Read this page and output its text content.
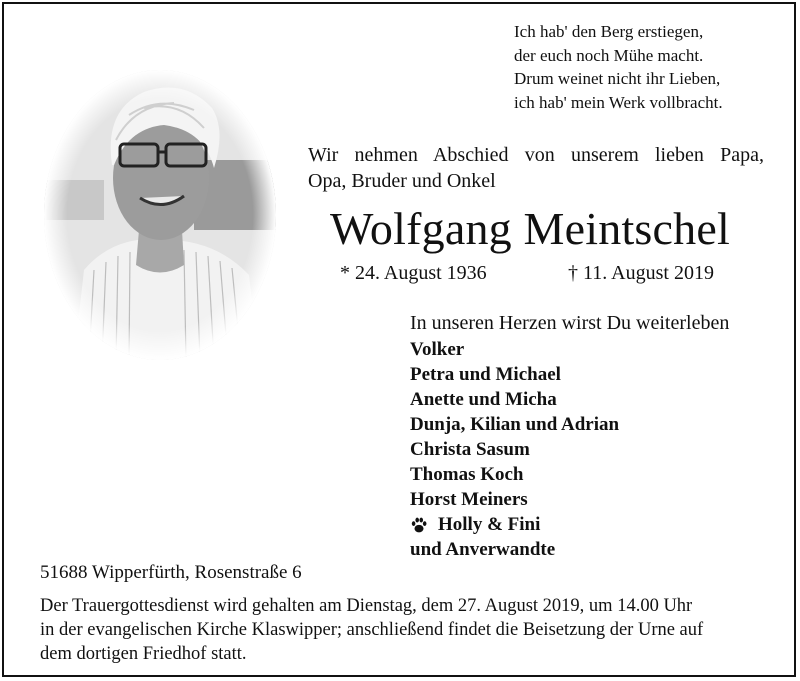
Ich hab' den Berg erstiegen,
der euch noch Mühe macht.
Drum weinet nicht ihr Lieben,
ich hab' mein Werk vollbracht.
Wir nehmen Abschied von unserem lieben Papa,
Opa, Bruder und Onkel
Wolfgang Meintschel
* 24. August 1936	† 11. August 2019
In unseren Herzen wirst Du weiterleben
Volker
Petra und Michael
Anette und Micha
Dunja, Kilian und Adrian
Christa Sasum
Thomas Koch
Horst Meiners
Holly & Fini
und Anverwandte
51688 Wipperfürth, Rosenstraße 6
Der Trauergottesdienst wird gehalten am Dienstag, dem 27. August 2019, um 14.00 Uhr
in der evangelischen Kirche Klaswipper; anschließend findet die Beisetzung der Urne auf
dem dortigen Friedhof statt.
